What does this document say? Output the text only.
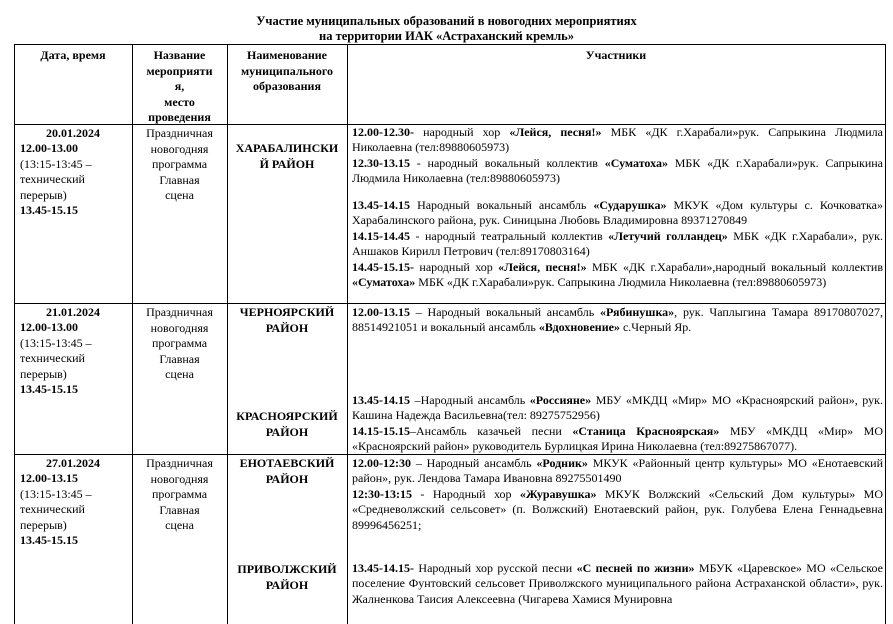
Участие муниципальных образований в новогодних мероприятиях
на территории ИАК «Астраханский кремль»
Дата, время	Название
мероприяти
я,
место
проведения
Наименование
муниципального
образования
Участники
20.01.2024
12.00-13.00
(13:15-13:45 –
технический
перерыв)
13.45-15.15
Праздничная
новогодняя
программа
Главная
сцена
ХАРАБАЛИНСКИ
Й РАЙОН

12.00-12.30- народный хор «Лейся, песня!» МБК «ДК г.Харабали»рук. Сапрыкина Людмила Николаевна (тел:89880605973)

12.30-13.15 - народный вокальный коллектив «Суматоха» МБК «ДК г.Харабали»рук. Сапрыкина Людмила Николаевна (тел:89880605973)

13.45-14.15 Народный вокальный ансамбль «Сударушка» МКУК «Дом культуры с. Кочковатка» Харабалинского района, рук. Синицына Любовь Владимировна 89371270849

14.15-14.45 - народный театральный коллектив «Летучий голландец» МБК «ДК г.Харабали», рук. Аншаков Кирилл Петрович (тел:89170803164)

14.45-15.15- народный хор «Лейся, песня!» МБК «ДК г.Харабали»,народный вокальный коллектив «Суматоха» МБК «ДК г.Харабали»рук. Сапрыкина Людмила Николаевна (тел:89880605973)

21.01.2024
12.00-13.00
(13:15-13:45 –
технический
перерыв)
13.45-15.15
Праздничная
новогодняя
программа
Главная
сцена
ЧЕРНОЯРСКИЙ
РАЙОН
КРАСНОЯРСКИЙ
РАЙОН

12.00-13.15 – Народный вокальный ансамбль «Рябинушка», рук. Чаплыгина Тамара 89170807027, 88514921051 и вокальный ансамбль «Вдохновение» с.Черный Яр.

13.45-14.15 –Народный ансамбль «Россияне» МБУ «МКДЦ «Мир» МО «Красноярский район», рук. Кашина Надежда Васильевна(тел: 89275752956)

14.15-15.15–Ансамбль казачьей песни «Станица Красноярская» МБУ «МКДЦ «Мир» МО «Красноярский район» руководитель Бурлицкая Ирина Николаевна (тел:89275867077).

27.01.2024
12.00-13.15
(13:15-13:45 –
технический
перерыв)
13.45-15.15
Праздничная
новогодняя
программа
Главная
сцена
ЕНОТАЕВСКИЙ
РАЙОН
ПРИВОЛЖСКИЙ
РАЙОН

12.00-12:30 – Народный ансамбль «Родник» МКУК «Районный центр культуры» МО «Енотаевский район», рук. Лендова Тамара Ивановна 89275501490

12:30-13:15 - Народный хор «Журавушка» МКУК Волжский «Сельский Дом культуры» МО «Средневолжский сельсовет» (п. Волжский) Енотаевский район, рук. Голубева Елена Геннадьевна 89996456251;

13.45-14.15- Народный хор русской песни «С песней по жизни» МБУК «Царевское» МО «Сельское поселение Фунтовский сельсовет Приволжского муниципального района Астраханской области», рук. Жалненкова Таисия Алексеевна (Чигарева Хамися Мунировна
